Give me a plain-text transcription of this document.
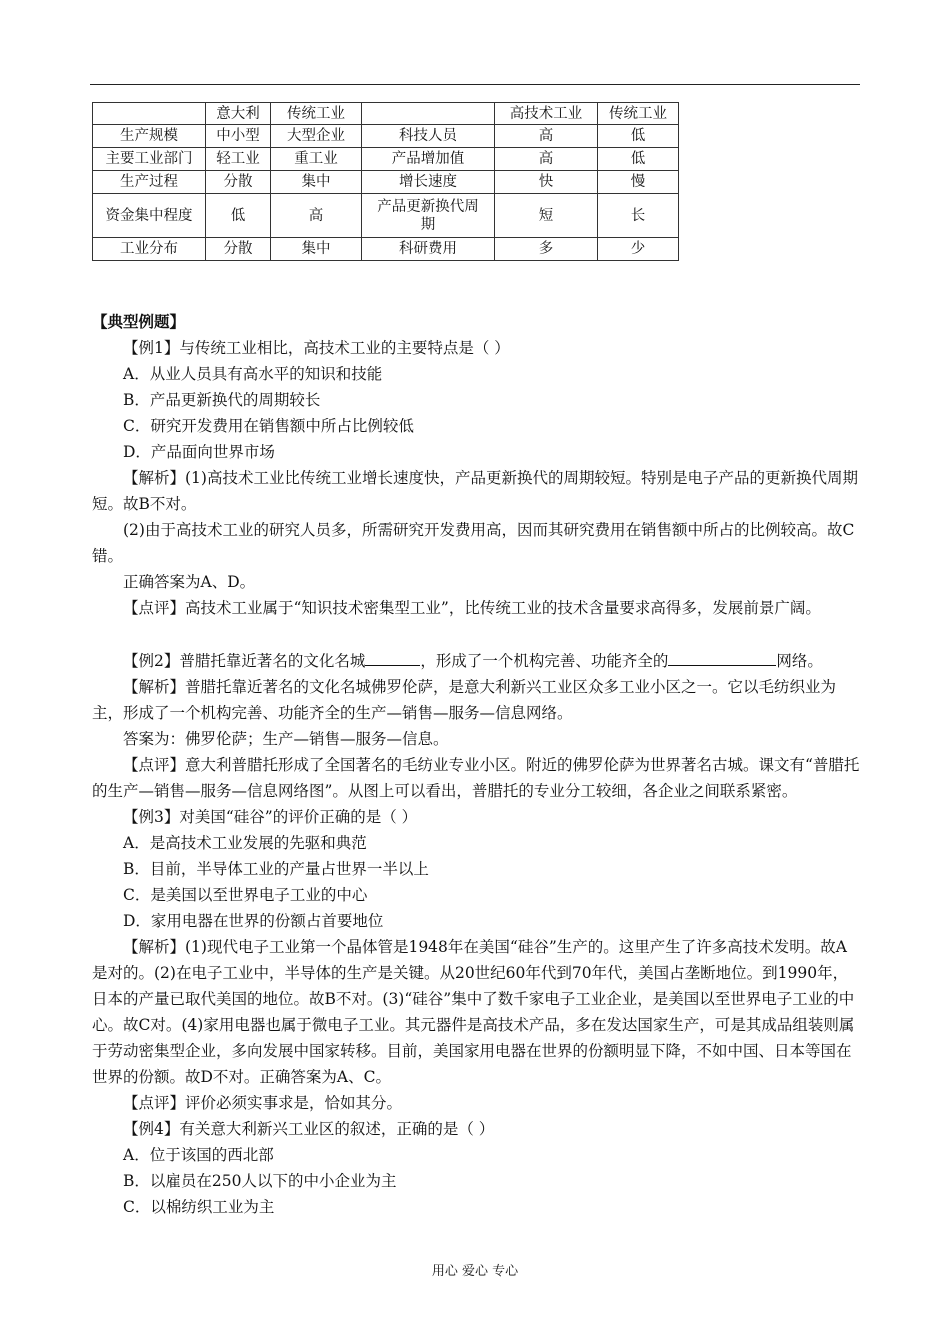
	意大利	传统工业		高技术工业	传统工业
生产规模	中小型	大型企业	科技人员	高	低
主要工业部门	轻工业	重工业	产品增加值	高	低
生产过程	分散	集中	增长速度	快	慢
资金集中程度	低	高	产品更新换代周期	短	长
工业分布	分散	集中	科研费用	多	少

【典型例题】

【例1】与传统工业相比，高技术工业的主要特点是（ ）

A．从业人员具有高水平的知识和技能

B．产品更新换代的周期较长

C．研究开发费用在销售额中所占比例较低

D．产品面向世界市场

【解析】(1)高技术工业比传统工业增长速度快，产品更新换代的周期较短。特别是电子产品的更新换代周期短。故B不对。

(2)由于高技术工业的研究人员多，所需研究开发费用高，因而其研究费用在销售额中所占的比例较高。故C错。

正确答案为A、D。

【点评】高技术工业属于“知识技术密集型工业”，比传统工业的技术含量要求高得多，发展前景广阔。

【例2】普腊托靠近著名的文化名城	，形成了一个机构完善、功能齐全的	网络。

【解析】普腊托靠近著名的文化名城佛罗伦萨，是意大利新兴工业区众多工业小区之一。它以毛纺织业为主，形成了一个机构完善、功能齐全的生产—销售—服务—信息网络。

答案为：佛罗伦萨；生产—销售—服务—信息。

【点评】意大利普腊托形成了全国著名的毛纺业专业小区。附近的佛罗伦萨为世界著名古城。课文有“普腊托的生产—销售—服务—信息网络图”。从图上可以看出，普腊托的专业分工较细，各企业之间联系紧密。

【例3】对美国“硅谷”的评价正确的是（ ）

A．是高技术工业发展的先驱和典范

B．目前，半导体工业的产量占世界一半以上

C．是美国以至世界电子工业的中心

D．家用电器在世界的份额占首要地位

【解析】(1)现代电子工业第一个晶体管是1948年在美国“硅谷”生产的。这里产生了许多高技术发明。故A是对的。(2)在电子工业中，半导体的生产是关键。从20世纪60年代到70年代，美国占垄断地位。到1990年，日本的产量已取代美国的地位。故B不对。(3)“硅谷”集中了数千家电子工业企业，是美国以至世界电子工业的中心。故C对。(4)家用电器也属于微电子工业。其元器件是高技术产品，多在发达国家生产，可是其成品组装则属于劳动密集型企业，多向发展中国家转移。目前，美国家用电器在世界的份额明显下降，不如中国、日本等国在世界的份额。故D不对。正确答案为A、C。

【点评】评价必须实事求是，恰如其分。

【例4】有关意大利新兴工业区的叙述，正确的是（ ）

A．位于该国的西北部

B．以雇员在250人以下的中小企业为主

C．以棉纺织工业为主

用心 爱心 专心
